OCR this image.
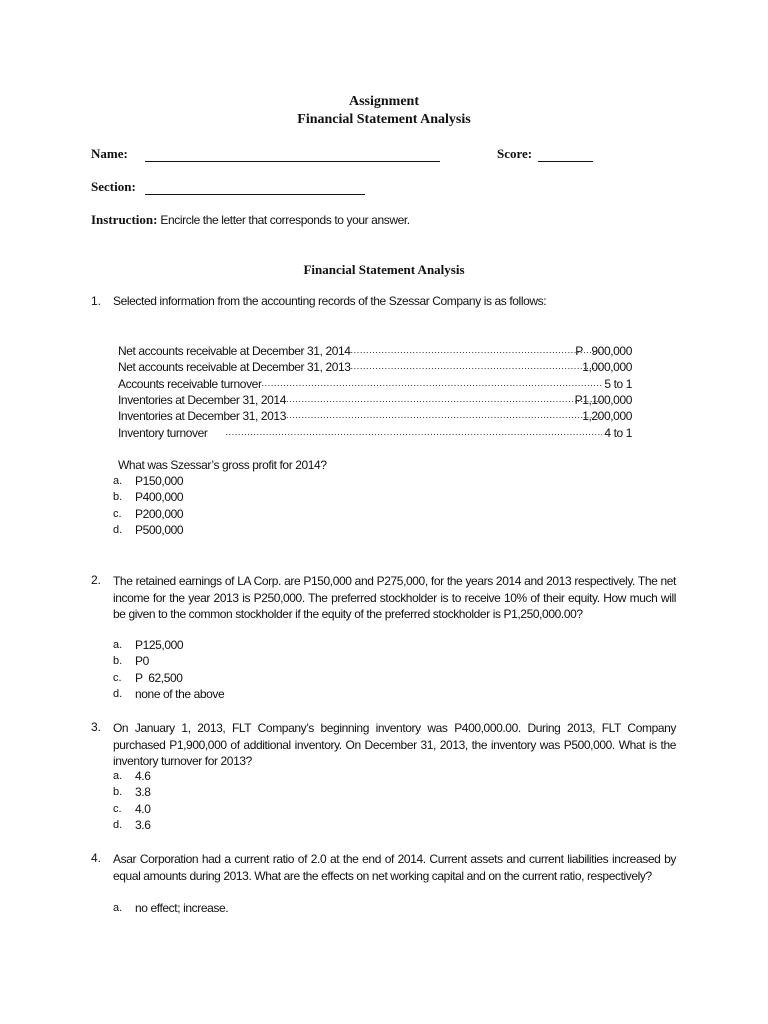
Assignment
Financial Statement Analysis
Name:	Score:
Section:
Instruction: Encircle the letter that corresponds to your answer.
Financial Statement Analysis
1. Selected information from the accounting records of the Szessar Company is as follows:
Net accounts receivable at December 31, 2014 .....	P   900,000
Net accounts receivable at December 31, 2013 .....	1,000,000
Accounts receivable turnover .....	5 to 1
Inventories at December 31, 2014 .....	P1,100,000
Inventories at December 31, 2013 .....	1,200,000
Inventory turnover .....	4 to 1
What was Szessar’s gross profit for 2014?
a. P150,000
b. P400,000
c. P200,000
d. P500,000
2. The retained earnings of LA Corp. are P150,000 and P275,000, for the years 2014 and 2013 respectively. The net income for the year 2013 is P250,000. The preferred stockholder is to receive 10% of their equity. How much will be given to the common stockholder if the equity of the preferred stockholder is P1,250,000.00?
a. P125,000
b. P0
c. P  62,500
d. none of the above
3. On January 1, 2013, FLT Company’s beginning inventory was P400,000.00. During 2013, FLT Company purchased P1,900,000 of additional inventory. On December 31, 2013, the inventory was P500,000. What is the inventory turnover for 2013?
a. 4.6
b. 3.8
c. 4.0
d. 3.6
4. Asar Corporation had a current ratio of 2.0 at the end of 2014. Current assets and current liabilities increased by equal amounts during 2013. What are the effects on net working capital and on the current ratio, respectively?
a. no effect; increase.
